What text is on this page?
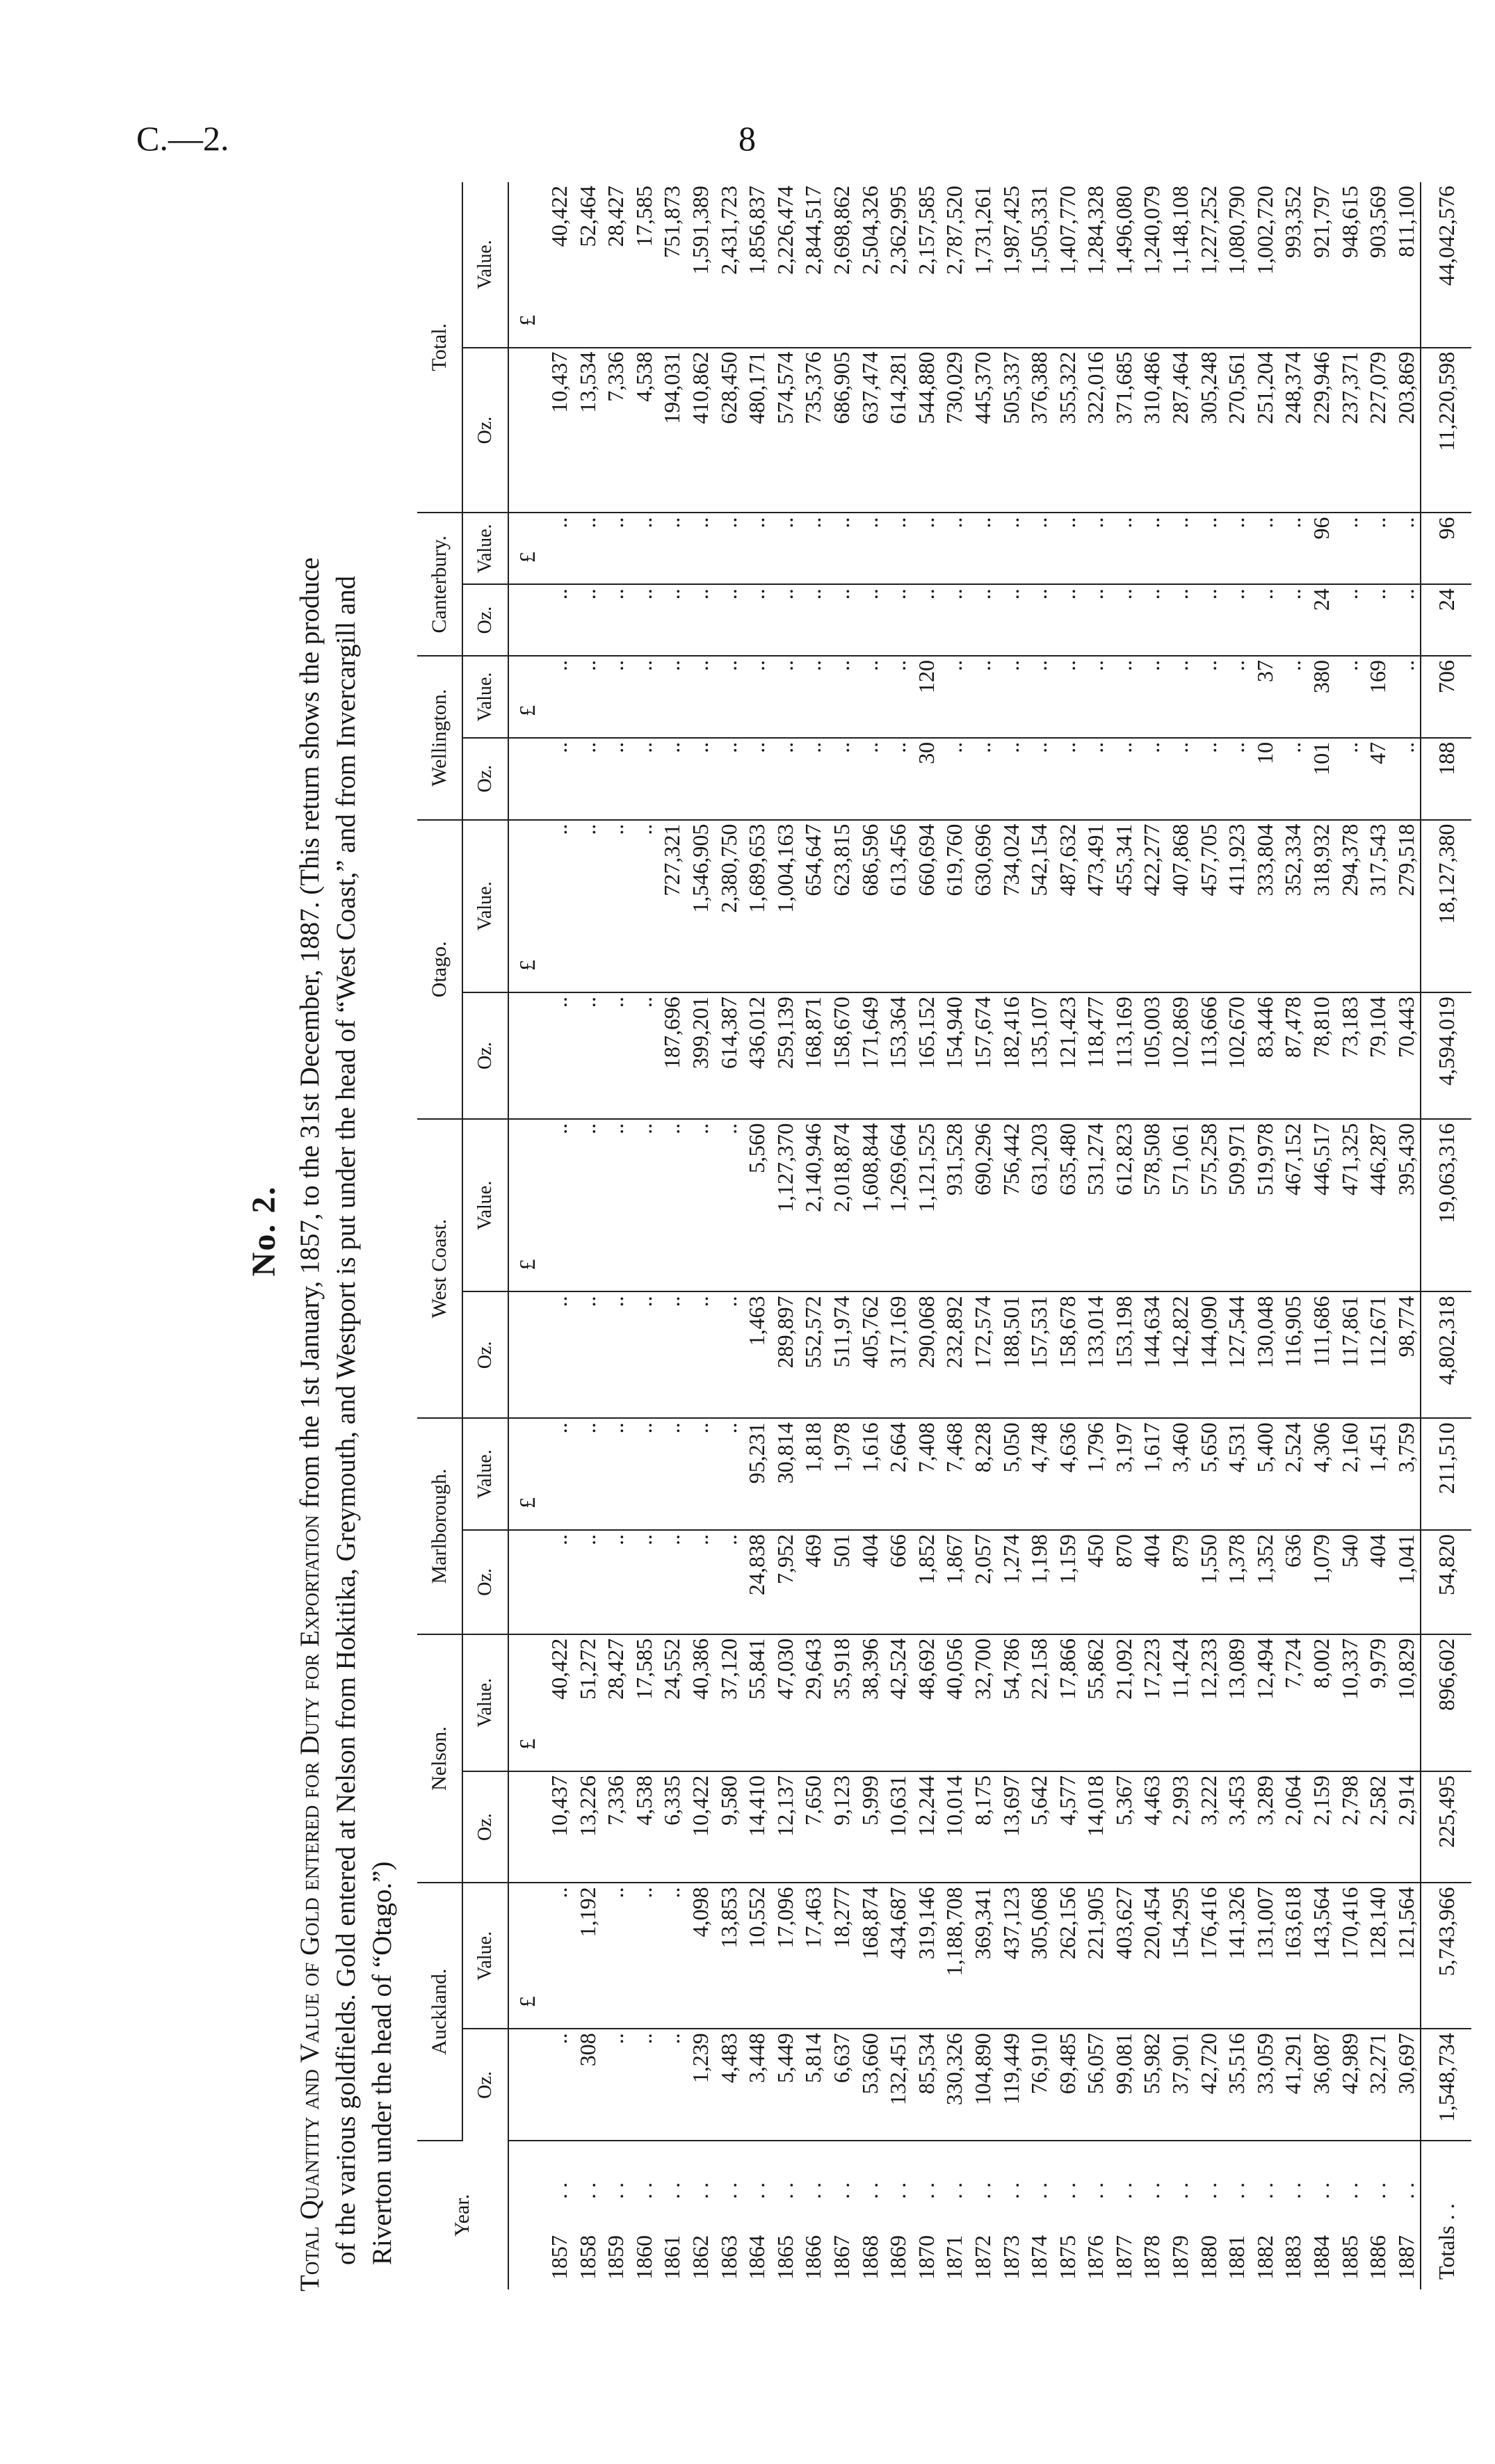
C.—2.	8
No. 2.
Total Quantity and Value of Gold entered for Duty for Exportation from the 1st January, 1857, to the 31st December, 1887. (This return shows the produce of the various goldfields. Gold entered at Nelson from Hokitika, Greymouth, and Westport is put under the head of “West Coast,” and from Invercargill and Riverton under the head of “Otago.”)	Year.	Auckland.		Nelson.		Marlborough.		West Coast.		Otago.		Wellington.		Canterbury.		Total.	
	Oz.	Value.	Oz.	Value.	Oz.	Value.	Oz.	Value.	Oz.	Value.	Oz.	Value.	Oz.	Value.	Oz.	Value.
		£		£		£		£		£		£		£		£
1857. .	..	..	10,437	40,422	..	..	..	..	..	..	..	..	..	..	10,437	40,422
1858. .	308	1,192	13,226	51,272	..	..	..	..	..	..	..	..	..	..	13,534	52,464
1859. .	..	..	7,336	28,427	..	..	..	..	..	..	..	..	..	..	7,336	28,427
1860. .	..	..	4,538	17,585	..	..	..	..	..	..	..	..	..	..	4,538	17,585
1861. .	..	..	6,335	24,552	..	..	..	..	187,696	727,321	..	..	..	..	194,031	751,873
1862. .	1,239	4,098	10,422	40,386	..	..	..	..	399,201	1,546,905	..	..	..	..	410,862	1,591,389
1863. .	4,483	13,853	9,580	37,120	..	..	..	..	614,387	2,380,750	..	..	..	..	628,450	2,431,723
1864. .	3,448	10,552	14,410	55,841	24,838	95,231	1,463	5,560	436,012	1,689,653	..	..	..	..	480,171	1,856,837
1865. .	5,449	17,096	12,137	47,030	7,952	30,814	289,897	1,127,370	259,139	1,004,163	..	..	..	..	574,574	2,226,474
1866. .	5,814	17,463	7,650	29,643	469	1,818	552,572	2,140,946	168,871	654,647	..	..	..	..	735,376	2,844,517
1867. .	6,637	18,277	9,123	35,918	501	1,978	511,974	2,018,874	158,670	623,815	..	..	..	..	686,905	2,698,862
1868. .	53,660	168,874	5,999	38,396	404	1,616	405,762	1,608,844	171,649	686,596	..	..	..	..	637,474	2,504,326
1869. .	132,451	434,687	10,631	42,524	666	2,664	317,169	1,269,664	153,364	613,456	..	..	..	..	614,281	2,362,995
1870. .	85,534	319,146	12,244	48,692	1,852	7,408	290,068	1,121,525	165,152	660,694	30	120	..	..	544,880	2,157,585
1871. .	330,326	1,188,708	10,014	40,056	1,867	7,468	232,892	931,528	154,940	619,760	..	..	..	..	730,029	2,787,520
1872. .	104,890	369,341	8,175	32,700	2,057	8,228	172,574	690,296	157,674	630,696	..	..	..	..	445,370	1,731,261
1873. .	119,449	437,123	13,697	54,786	1,274	5,050	188,501	756,442	182,416	734,024	..	..	..	..	505,337	1,987,425
1874. .	76,910	305,068	5,642	22,158	1,198	4,748	157,531	631,203	135,107	542,154	..	..	..	..	376,388	1,505,331
1875. .	69,485	262,156	4,577	17,866	1,159	4,636	158,678	635,480	121,423	487,632	..	..	..	..	355,322	1,407,770
1876. .	56,057	221,905	14,018	55,862	450	1,796	133,014	531,274	118,477	473,491	..	..	..	..	322,016	1,284,328
1877. .	99,081	403,627	5,367	21,092	870	3,197	153,198	612,823	113,169	455,341	..	..	..	..	371,685	1,496,080
1878. .	55,982	220,454	4,463	17,223	404	1,617	144,634	578,508	105,003	422,277	..	..	..	..	310,486	1,240,079
1879. .	37,901	154,295	2,993	11,424	879	3,460	142,822	571,061	102,869	407,868	..	..	..	..	287,464	1,148,108
1880. .	42,720	176,416	3,222	12,233	1,550	5,650	144,090	575,258	113,666	457,705	..	..	..	..	305,248	1,227,252
1881. .	35,516	141,326	3,453	13,089	1,378	4,531	127,544	509,971	102,670	411,923	..	..	..	..	270,561	1,080,790
1882. .	33,059	131,007	3,289	12,494	1,352	5,400	130,048	519,978	83,446	333,804	10	37	..	..	251,204	1,002,720
1883. .	41,291	163,618	2,064	7,724	636	2,524	116,905	467,152	87,478	352,334	..	..	..	..	248,374	993,352
1884. .	36,087	143,564	2,159	8,002	1,079	4,306	111,686	446,517	78,810	318,932	101	380	24	96	229,946	921,797
1885. .	42,989	170,416	2,798	10,337	540	2,160	117,861	471,325	73,183	294,378	..	..	..	..	237,371	948,615
1886. .	32,271	128,140	2,582	9,979	404	1,451	112,671	446,287	79,104	317,543	47	169	..	..	227,079	903,569
1887. .	30,697	121,564	2,914	10,829	1,041	3,759	98,774	395,430	70,443	279,518	..	..	..	..	203,869	811,100
Totals . .	1,548,734	5,743,966	225,495	896,602	54,820	211,510	4,802,318	19,063,316	4,594,019	18,127,380	188	706	24	96	11,220,598	44,042,576
